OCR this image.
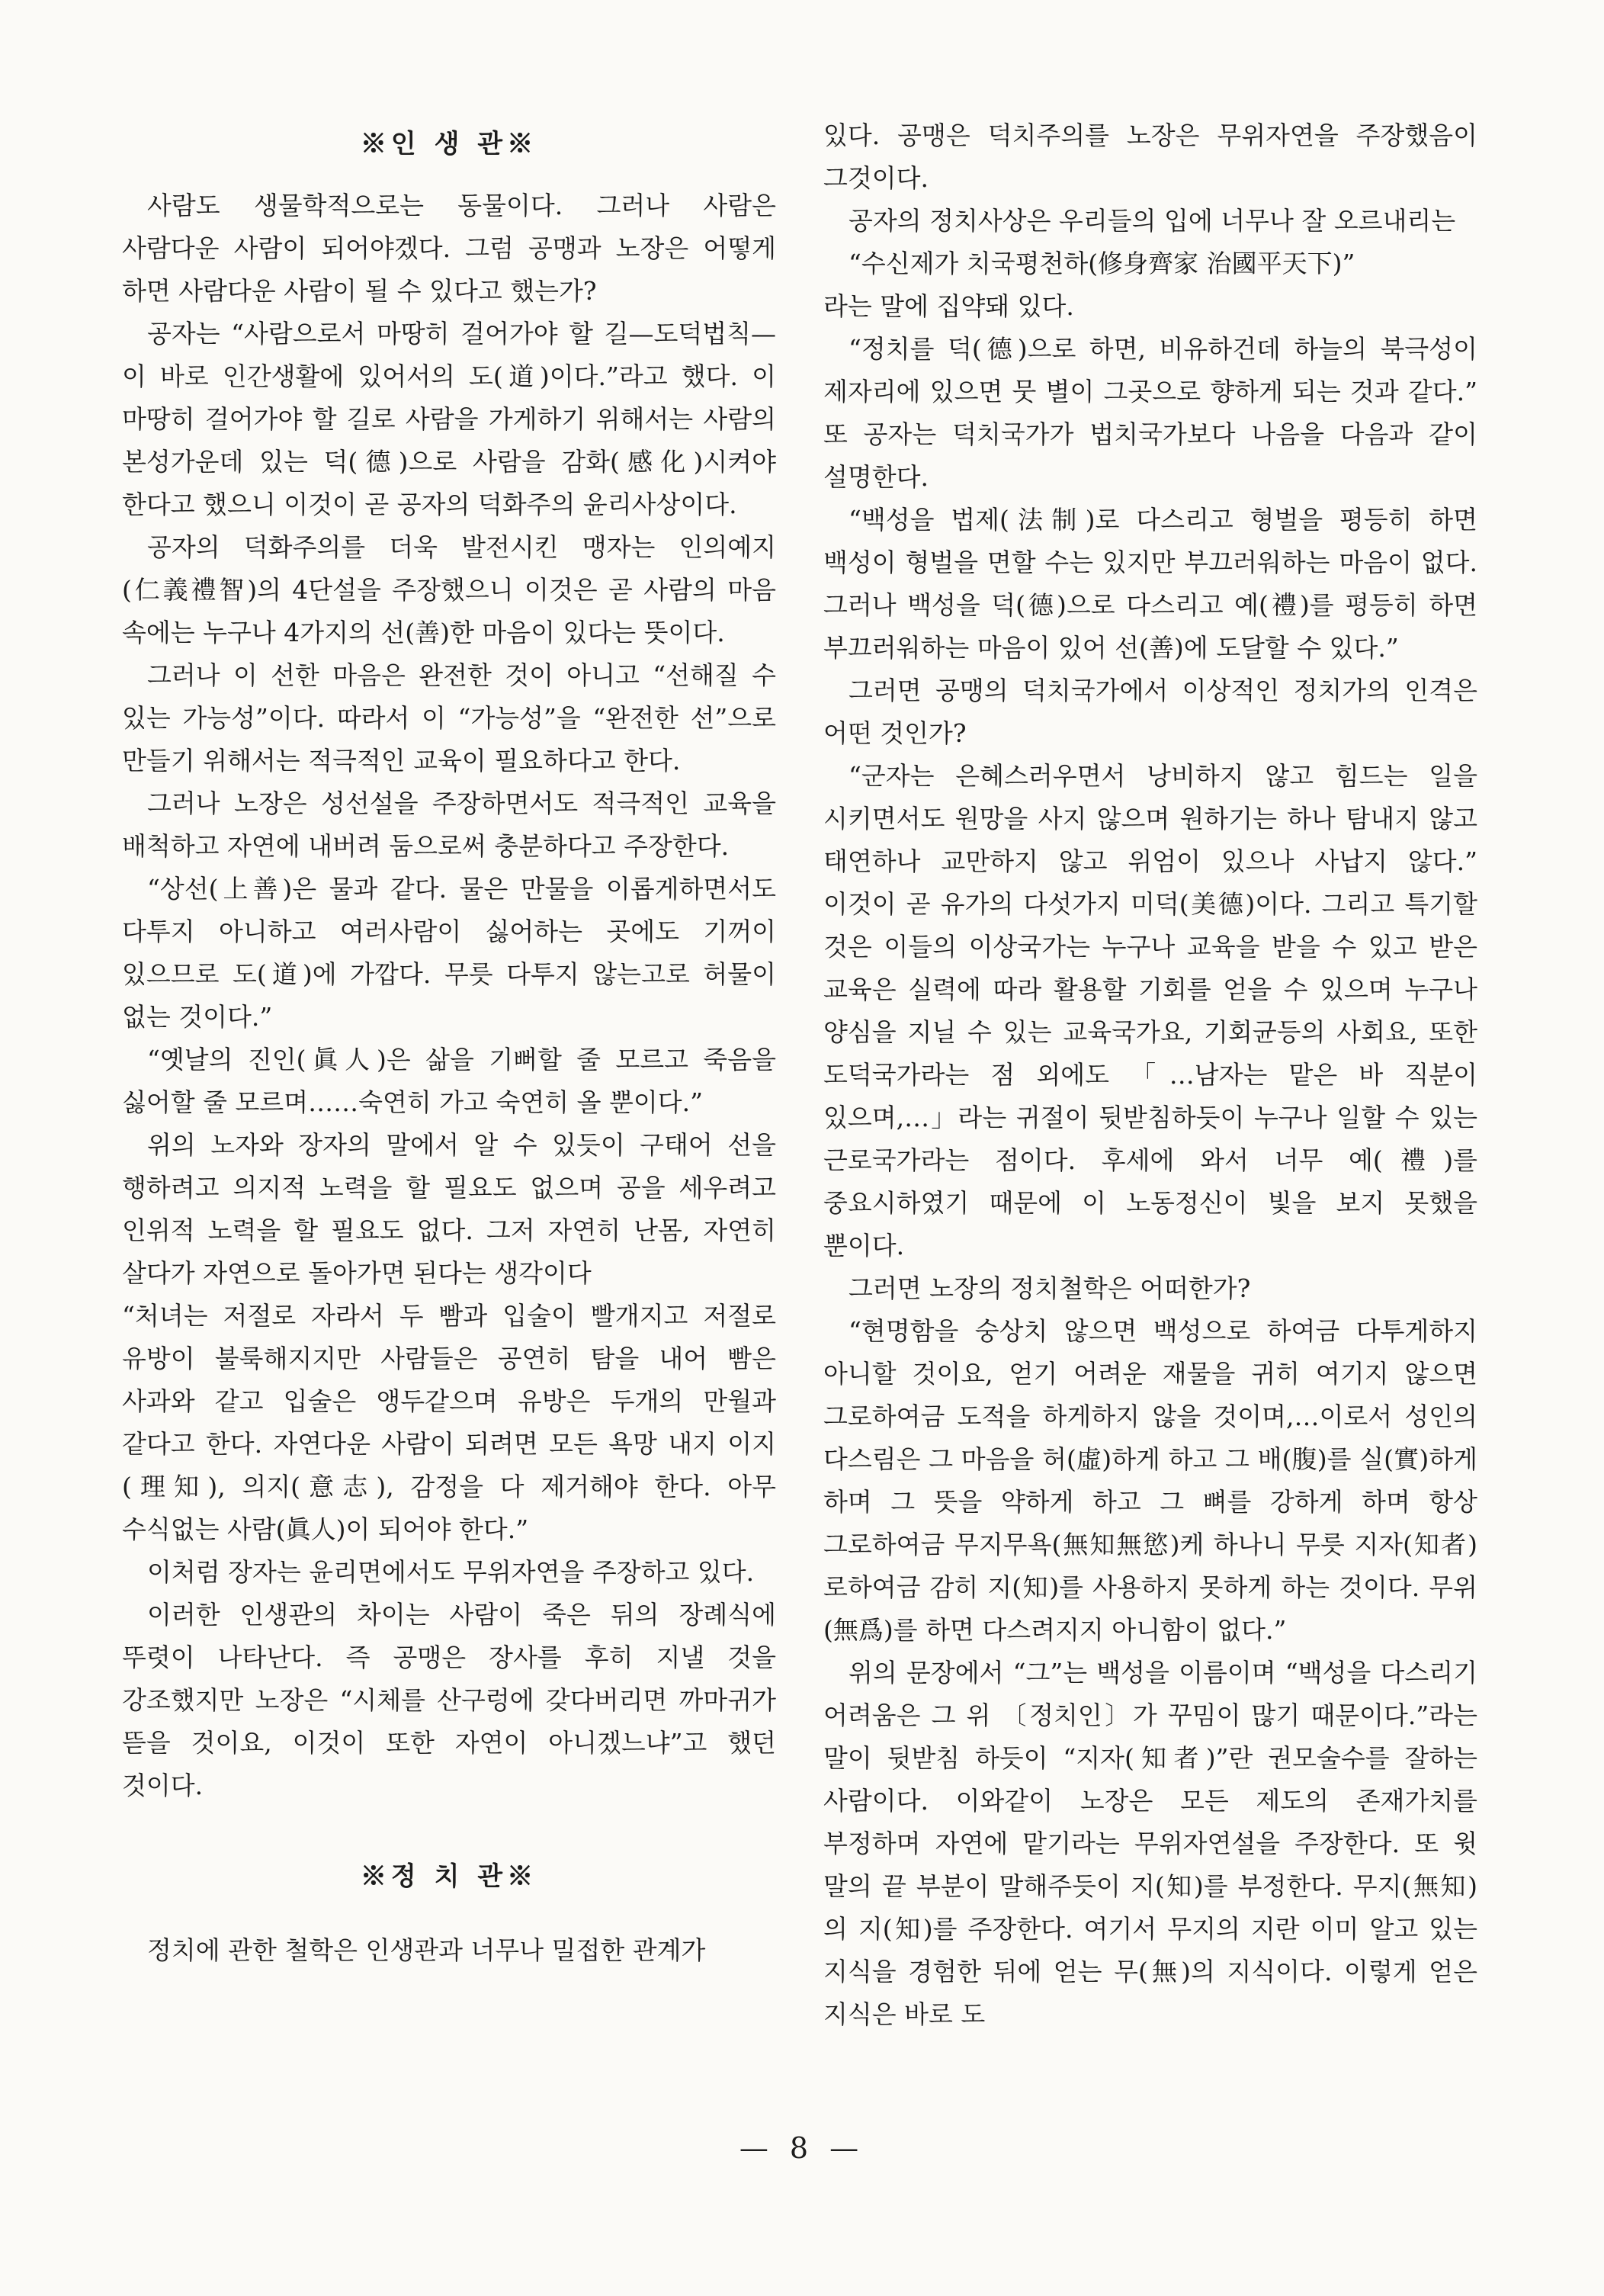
※인 생 관※

사람도 생물학적으로는 동물이다. 그러나 사람은 사람다운 사람이 되어야겠다. 그럼 공맹과 노장은 어떻게 하면 사람다운 사람이 될 수 있다고 했는가?

공자는 “사람으로서 마땅히 걸어가야 할 길—도덕법칙—이 바로 인간생활에 있어서의 도(道)이다.”라고 했다. 이 마땅히 걸어가야 할 길로 사람을 가게하기 위해서는 사람의 본성가운데 있는 덕(德)으로 사람을 감화(感化)시켜야 한다고 했으니 이것이 곧 공자의 덕화주의 윤리사상이다.

공자의 덕화주의를 더욱 발전시킨 맹자는 인의예지(仁義禮智)의 4단설을 주장했으니 이것은 곧 사람의 마음 속에는 누구나 4가지의 선(善)한 마음이 있다는 뜻이다.

그러나 이 선한 마음은 완전한 것이 아니고 “선해질 수 있는 가능성”이다. 따라서 이 “가능성”을 “완전한 선”으로 만들기 위해서는 적극적인 교육이 필요하다고 한다.

그러나 노장은 성선설을 주장하면서도 적극적인 교육을 배척하고 자연에 내버려 둠으로써 충분하다고 주장한다.

“상선(上善)은 물과 같다. 물은 만물을 이롭게하면서도 다투지 아니하고 여러사람이 싫어하는 곳에도 기꺼이 있으므로 도(道)에 가깝다. 무릇 다투지 않는고로 허물이 없는 것이다.”

“옛날의 진인(眞人)은 삶을 기뻐할 줄 모르고 죽음을 싫어할 줄 모르며……숙연히 가고 숙연히 올 뿐이다.”

위의 노자와 장자의 말에서 알 수 있듯이 구태어 선을 행하려고 의지적 노력을 할 필요도 없으며 공을 세우려고 인위적 노력을 할 필요도 없다. 그저 자연히 난몸, 자연히 살다가 자연으로 돌아가면 된다는 생각이다

“처녀는 저절로 자라서 두 빰과 입술이 빨개지고 저절로 유방이 불룩해지지만 사람들은 공연히 탐을 내어 빰은 사과와 같고 입술은 앵두같으며 유방은 두개의 만월과 같다고 한다. 자연다운 사람이 되려면 모든 욕망 내지 이지(理知), 의지(意志), 감정을 다 제거해야 한다. 아무 수식없는 사람(眞人)이 되어야 한다.”

이처럼 장자는 윤리면에서도 무위자연을 주장하고 있다.

이러한 인생관의 차이는 사람이 죽은 뒤의 장례식에 뚜렷이 나타난다. 즉 공맹은 장사를 후히 지낼 것을 강조했지만 노장은 “시체를 산구렁에 갖다버리면 까마귀가 뜯을 것이요, 이것이 또한 자연이 아니겠느냐”고 했던 것이다.

※정 치 관※

정치에 관한 철학은 인생관과 너무나 밀접한 관계가

있다. 공맹은 덕치주의를 노장은 무위자연을 주장했음이 그것이다.

공자의 정치사상은 우리들의 입에 너무나 잘 오르내리는

“수신제가 치국평천하(修身齊家 治國平天下)”

라는 말에 집약돼 있다.

“정치를 덕(德)으로 하면, 비유하건데 하늘의 북극성이 제자리에 있으면 뭇 별이 그곳으로 향하게 되는 것과 같다.” 또 공자는 덕치국가가 법치국가보다 나음을 다음과 같이 설명한다.

“백성을 법제(法制)로 다스리고 형벌을 평등히 하면 백성이 형벌을 면할 수는 있지만 부끄러워하는 마음이 없다. 그러나 백성을 덕(德)으로 다스리고 예(禮)를 평등히 하면 부끄러워하는 마음이 있어 선(善)에 도달할 수 있다.”

그러면 공맹의 덕치국가에서 이상적인 정치가의 인격은 어떤 것인가?

“군자는 은혜스러우면서 낭비하지 않고 힘드는 일을 시키면서도 원망을 사지 않으며 원하기는 하나 탐내지 않고 태연하나 교만하지 않고 위엄이 있으나 사납지 않다.” 이것이 곧 유가의 다섯가지 미덕(美德)이다. 그리고 특기할 것은 이들의 이상국가는 누구나 교육을 받을 수 있고 받은 교육은 실력에 따라 활용할 기회를 얻을 수 있으며 누구나 양심을 지닐 수 있는 교육국가요, 기회균등의 사회요, 또한 도덕국가라는 점 외에도 「…남자는 맡은 바 직분이 있으며,…」라는 귀절이 뒷받침하듯이 누구나 일할 수 있는 근로국가라는 점이다. 후세에 와서 너무 예(禮)를 중요시하였기 때문에 이 노동정신이 빛을 보지 못했을 뿐이다.

그러면 노장의 정치철학은 어떠한가?

“현명함을 숭상치 않으면 백성으로 하여금 다투게하지 아니할 것이요, 얻기 어려운 재물을 귀히 여기지 않으면 그로하여금 도적을 하게하지 않을 것이며,…이로서 성인의 다스림은 그 마음을 허(虛)하게 하고 그 배(腹)를 실(實)하게 하며 그 뜻을 약하게 하고 그 뼈를 강하게 하며 항상 그로하여금 무지무욕(無知無慾)케 하나니 무릇 지자(知者)로하여금 감히 지(知)를 사용하지 못하게 하는 것이다. 무위(無爲)를 하면 다스려지지 아니함이 없다.”

위의 문장에서 “그”는 백성을 이름이며 “백성을 다스리기 어려움은 그 위 〔정치인〕가 꾸밈이 많기 때문이다.”라는 말이 뒷받침 하듯이 “지자(知者)”란 권모술수를 잘하는 사람이다. 이와같이 노장은 모든 제도의 존재가치를 부정하며 자연에 맡기라는 무위자연설을 주장한다. 또 윗 말의 끝 부분이 말해주듯이 지(知)를 부정한다. 무지(無知)의 지(知)를 주장한다. 여기서 무지의 지란 이미 알고 있는 지식을 경험한 뒤에 얻는 무(無)의 지식이다. 이렇게 얻은 지식은 바로 도

— 8 —
